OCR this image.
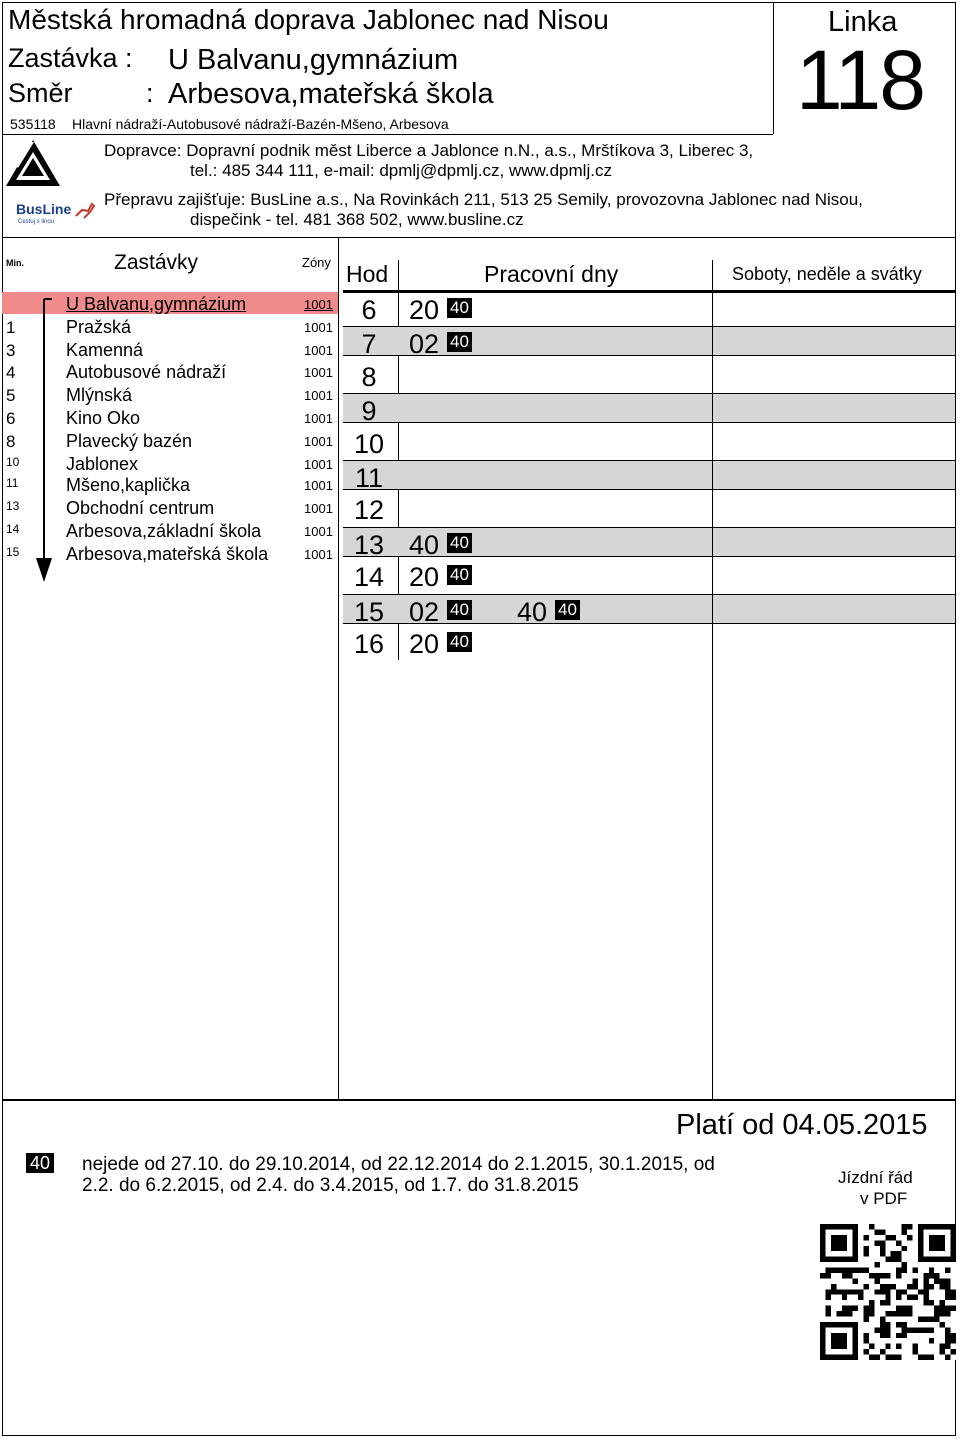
Městská hromadná doprava Jablonec nad Nisou
Zastávka : U Balvanu,gymnázium
Směr	: Arbesova,mateřská škola
535118 Hlavní nádraží-Autobusové nádraží-Bazén-Mšeno, Arbesova
Linka
118
Dopravce: Dopravní podnik měst Liberce a Jablonce n.N., a.s., Mrštíkova 3, Liberec 3,
tel.: 485 344 111, e-mail: dpmlj@dpmlj.cz, www.dpmlj.cz
BusLine
Cestuj s linou
Přepravu zajišťuje: BusLine a.s., Na Rovinkách 211, 513 25 Semily, provozovna Jablonec nad Nisou,
dispečink - tel. 481 368 502, www.busline.cz
Min.	Zastávky	Zóny Hod	Pracovní dny	Soboty, neděle a svátky
U Balvanu,gymnázium	1001
1	Pražská	1001
3	Kamenná	1001
4	Autobusové nádraží	1001
5	Mlýnská	1001
6	Kino Oko	1001
8	Plavecký bazén	1001
10	Jablonex	1001
11	Mšeno,kaplička	1001
13	Obchodní centrum	1001
14	Arbesova,základní škola	1001
15	Arbesova,mateřská škola	1001
6	20 40
7	02 40
8
9
10
11
12
13 40 40
14 20 40
15 02 40 40 40
16 20 40
Platí od 04.05.2015
40 nejede od 27.10. do 29.10.2014, od 22.12.2014 do 2.1.2015, 30.1.2015, od
2.2. do 6.2.2015, od 2.4. do 3.4.2015, od 1.7. do 31.8.2015	Jízdní řád
v PDF
